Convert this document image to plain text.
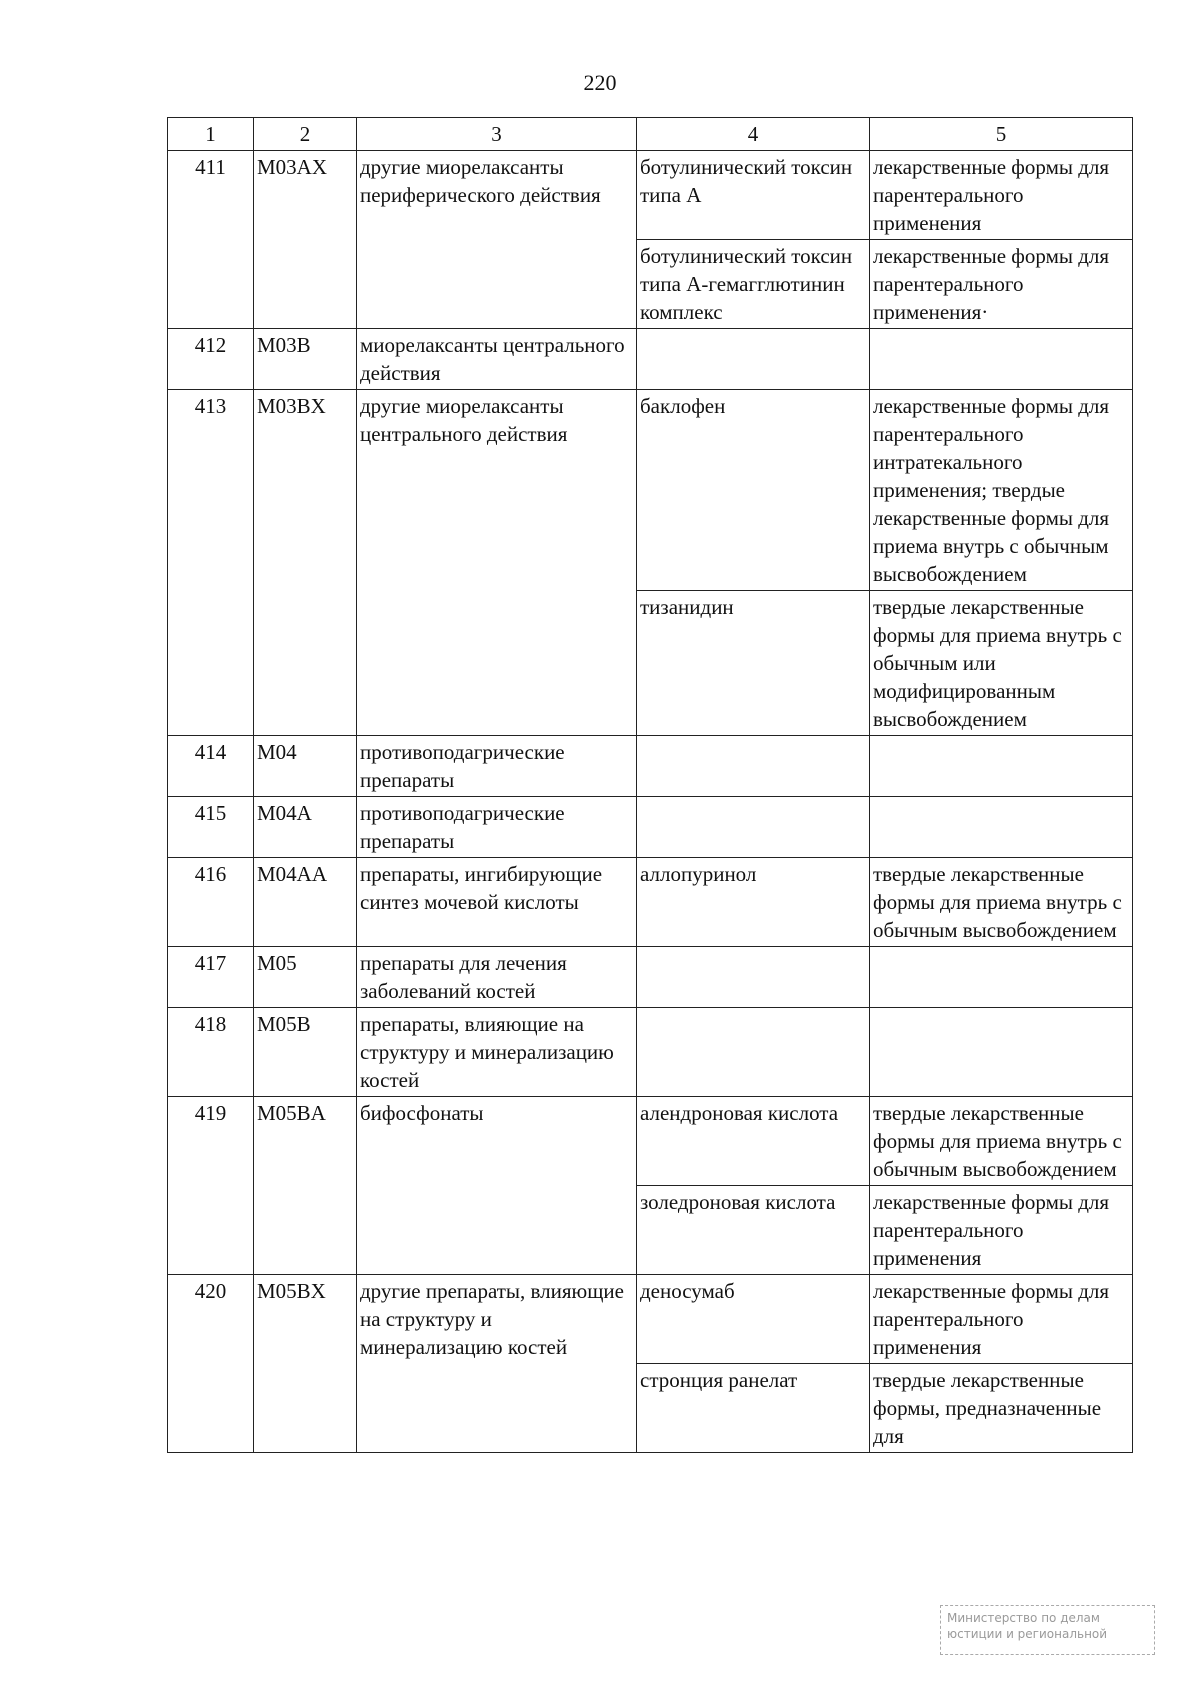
220
1	2	3	4	5
411	M03AX	другие миорелаксанты периферического действия	ботулинический токсин типа A	лекарственные формы для парентерального применения
			ботулинический токсин типа A-гемагглютинин комплекс	лекарственные формы для парентерального применения·
412	M03B	миорелаксанты центрального действия		
413	M03BX	другие миорелаксанты центрального действия	баклофен	лекарственные формы для парентерального интратекального применения; твердые лекарственные формы для приема внутрь с обычным высвобождением
			тизанидин	твердые лекарственные формы для приема внутрь с обычным или модифицированным высвобождением
414	M04	противоподагрические препараты		
415	M04A	противоподагрические препараты		
416	M04AA	препараты, ингибирующие синтез мочевой кислоты	аллопуринол	твердые лекарственные формы для приема внутрь с обычным высвобождением
417	M05	препараты для лечения заболеваний костей		
418	M05B	препараты, влияющие на структуру и минерализацию костей		
419	M05BA	бифосфонаты	алендроновая кислота	твердые лекарственные формы для приема внутрь с обычным высвобождением
			золедроновая кислота	лекарственные формы для парентерального применения
420	M05BX	другие препараты, влияющие на структуру и минерализацию костей	деносумаб	лекарственные формы для парентерального применения
			стронция ранелат	твердые лекарственные формы, предназначенные для
Министерство по делам
юстиции и региональной
